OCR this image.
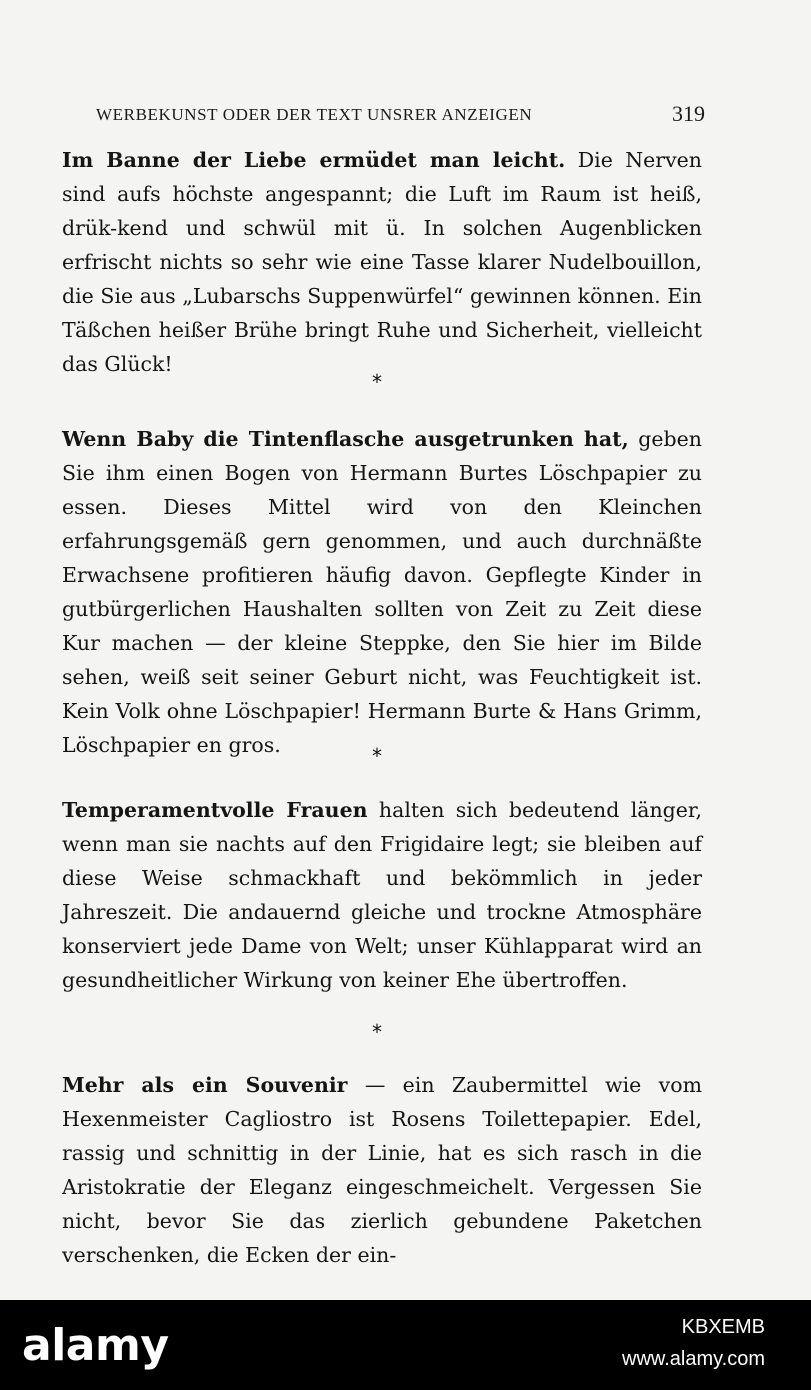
WERBEKUNST ODER DER TEXT UNSRER ANZEIGEN	319
Im Banne der Liebe ermüdet man leicht. Die Nerven sind aufs höchste angespannt; die Luft im Raum ist heiß, drük-kend und schwül mit ü. In solchen Augenblicken erfrischt nichts so sehr wie eine Tasse klarer Nudelbouillon, die Sie aus „Lubarschs Suppenwürfel“ gewinnen können. Ein Täßchen heißer Brühe bringt Ruhe und Sicherheit, vielleicht das Glück!
*
Wenn Baby die Tintenflasche ausgetrunken hat, geben Sie ihm einen Bogen von Hermann Burtes Löschpapier zu essen. Dieses Mittel wird von den Kleinchen erfahrungsgemäß gern genommen, und auch durchnäßte Erwachsene profitieren häufig davon. Gepflegte Kinder in gutbürgerlichen Haushalten sollten von Zeit zu Zeit diese Kur machen — der kleine Steppke, den Sie hier im Bilde sehen, weiß seit seiner Geburt nicht, was Feuchtigkeit ist. Kein Volk ohne Löschpapier! Hermann Burte & Hans Grimm, Löschpapier en gros.	*
Temperamentvolle Frauen halten sich bedeutend länger, wenn man sie nachts auf den Frigidaire legt; sie bleiben auf diese Weise schmackhaft und bekömmlich in jeder Jahreszeit. Die andauernd gleiche und trockne Atmosphäre konserviert jede Dame von Welt; unser Kühlapparat wird an gesundheitlicher Wirkung von keiner Ehe übertroffen.
*
Mehr als ein Souvenir — ein Zaubermittel wie vom Hexenmeister Cagliostro ist Rosens Toilettepapier. Edel, rassig und schnittig in der Linie, hat es sich rasch in die Aristokratie der Eleganz eingeschmeichelt. Vergessen Sie nicht, bevor Sie das zierlich gebundene Paketchen verschenken, die Ecken der ein-
alamy	KBXEMB
www.alamy.com
